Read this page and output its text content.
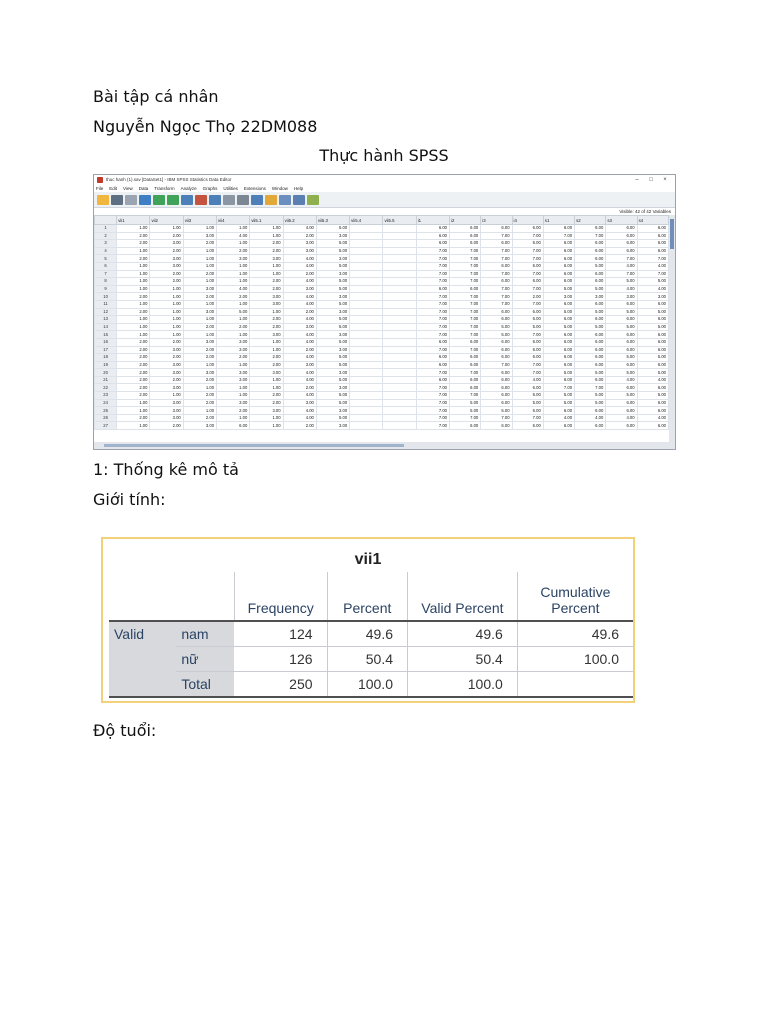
Bài tập cá nhân
Nguyễn Ngọc Thọ 22DM088
Thực hành SPSS
thuc hanh (1).sav [DataSet1] - IBM SPSS Statistics Data Editor	– □ ×
File Edit View Data Transform Analyze Graphs Utilities Extensions Window Help
Visible: 42 of 42 Variables
	vii1	vii2	vii3	vii4	vii5.1	vii5.2	vii5.3	vii5.4	vii5.5	i1	i2	i3	i4	s1	s2	s3	s4
1	1.00	1.00	1.00	1.00	1.00	4.00	5.00			6.00	6.00	6.00	6.00	6.00	6.00	6.00	6.00
2	2.00	2.00	3.00	4.00	1.00	2.00	3.00			6.00	6.00	7.00	7.00	7.00	7.00	6.00	6.00
3	2.00	3.00	2.00	1.00	2.00	3.00	5.00			6.00	6.00	6.00	6.00	6.00	6.00	6.00	6.00
4	1.00	2.00	1.00	2.00	2.00	3.00	5.00			7.00	7.00	7.00	7.00	6.00	6.00	6.00	6.00
5	2.00	3.00	1.00	3.00	3.00	4.00	3.00			7.00	7.00	7.00	7.00	6.00	6.00	7.00	7.00
6	1.00	3.00	1.00	1.00	1.00	4.00	5.00			7.00	7.00	6.00	6.00	6.00	5.00	4.00	4.00
7	1.00	2.00	2.00	1.00	1.00	2.00	3.00			7.00	7.00	7.00	7.00	6.00	6.00	7.00	7.00
8	1.00	2.00	1.00	1.00	2.00	4.00	5.00			7.00	7.00	6.00	6.00	6.00	6.00	5.00	5.00
9	1.00	1.00	3.00	4.00	2.00	3.00	5.00			6.00	6.00	7.00	7.00	5.00	5.00	4.00	4.00
10	2.00	1.00	2.00	2.00	3.00	4.00	3.00			7.00	7.00	7.00	2.00	3.00	3.00	3.00	3.00
11	1.00	1.00	1.00	1.00	3.00	4.00	5.00			7.00	7.00	7.00	7.00	6.00	6.00	6.00	6.00
12	2.00	1.00	3.00	5.00	1.00	2.00	3.00			7.00	7.00	6.00	6.00	5.00	5.00	5.00	5.00
13	1.00	1.00	1.00	1.00	2.00	4.00	5.00			7.00	7.00	6.00	6.00	6.00	6.00	6.00	6.00
14	1.00	1.00	2.00	2.00	2.00	3.00	5.00			7.00	7.00	5.00	5.00	5.00	5.00	5.00	5.00
15	1.00	1.00	1.00	1.00	3.00	4.00	3.00			7.00	7.00	5.00	7.00	6.00	6.00	6.00	6.00
16	2.00	2.00	3.00	3.00	1.00	4.00	5.00			6.00	6.00	6.00	6.00	6.00	6.00	6.00	6.00
17	2.00	3.00	2.00	3.00	1.00	2.00	3.00			7.00	7.00	6.00	6.00	6.00	6.00	6.00	6.00
18	2.00	2.00	2.00	2.00	2.00	4.00	5.00			6.00	6.00	6.00	6.00	6.00	6.00	5.00	5.00
19	2.00	3.00	1.00	1.00	2.00	3.00	5.00			6.00	6.00	7.00	7.00	6.00	6.00	6.00	6.00
20	2.00	3.00	3.00	3.00	3.00	4.00	3.00			7.00	7.00	6.00	7.00	5.00	5.00	5.00	5.00
21	2.00	2.00	2.00	3.00	1.00	4.00	5.00			6.00	6.00	6.00	4.00	6.00	6.00	4.00	4.00
22	2.00	3.00	1.00	1.00	1.00	2.00	3.00			7.00	6.00	6.00	6.00	7.00	7.00	6.00	6.00
23	2.00	1.00	2.00	1.00	2.00	4.00	5.00			7.00	7.00	6.00	6.00	5.00	5.00	5.00	5.00
24	1.00	3.00	2.00	3.00	2.00	3.00	5.00			7.00	5.00	6.00	5.00	5.00	5.00	6.00	6.00
25	1.00	3.00	1.00	2.00	3.00	4.00	3.00			7.00	5.00	5.00	6.00	6.00	6.00	6.00	6.00
26	2.00	3.00	2.00	1.00	1.00	4.00	5.00			7.00	7.00	7.00	7.00	4.00	4.00	4.00	4.00
27	1.00	2.00	3.00	6.00	1.00	2.00	3.00			7.00	6.00	6.00	6.00	6.00	6.00	6.00	6.00
1: Thống kê mô tả
Giới tính:
vii1
		Frequency	Percent	Valid Percent	Cumulative Percent
Valid	nam	124	49.6	49.6	49.6
	nữ	126	50.4	50.4	100.0
	Total	250	100.0	100.0	
Độ tuổi:
